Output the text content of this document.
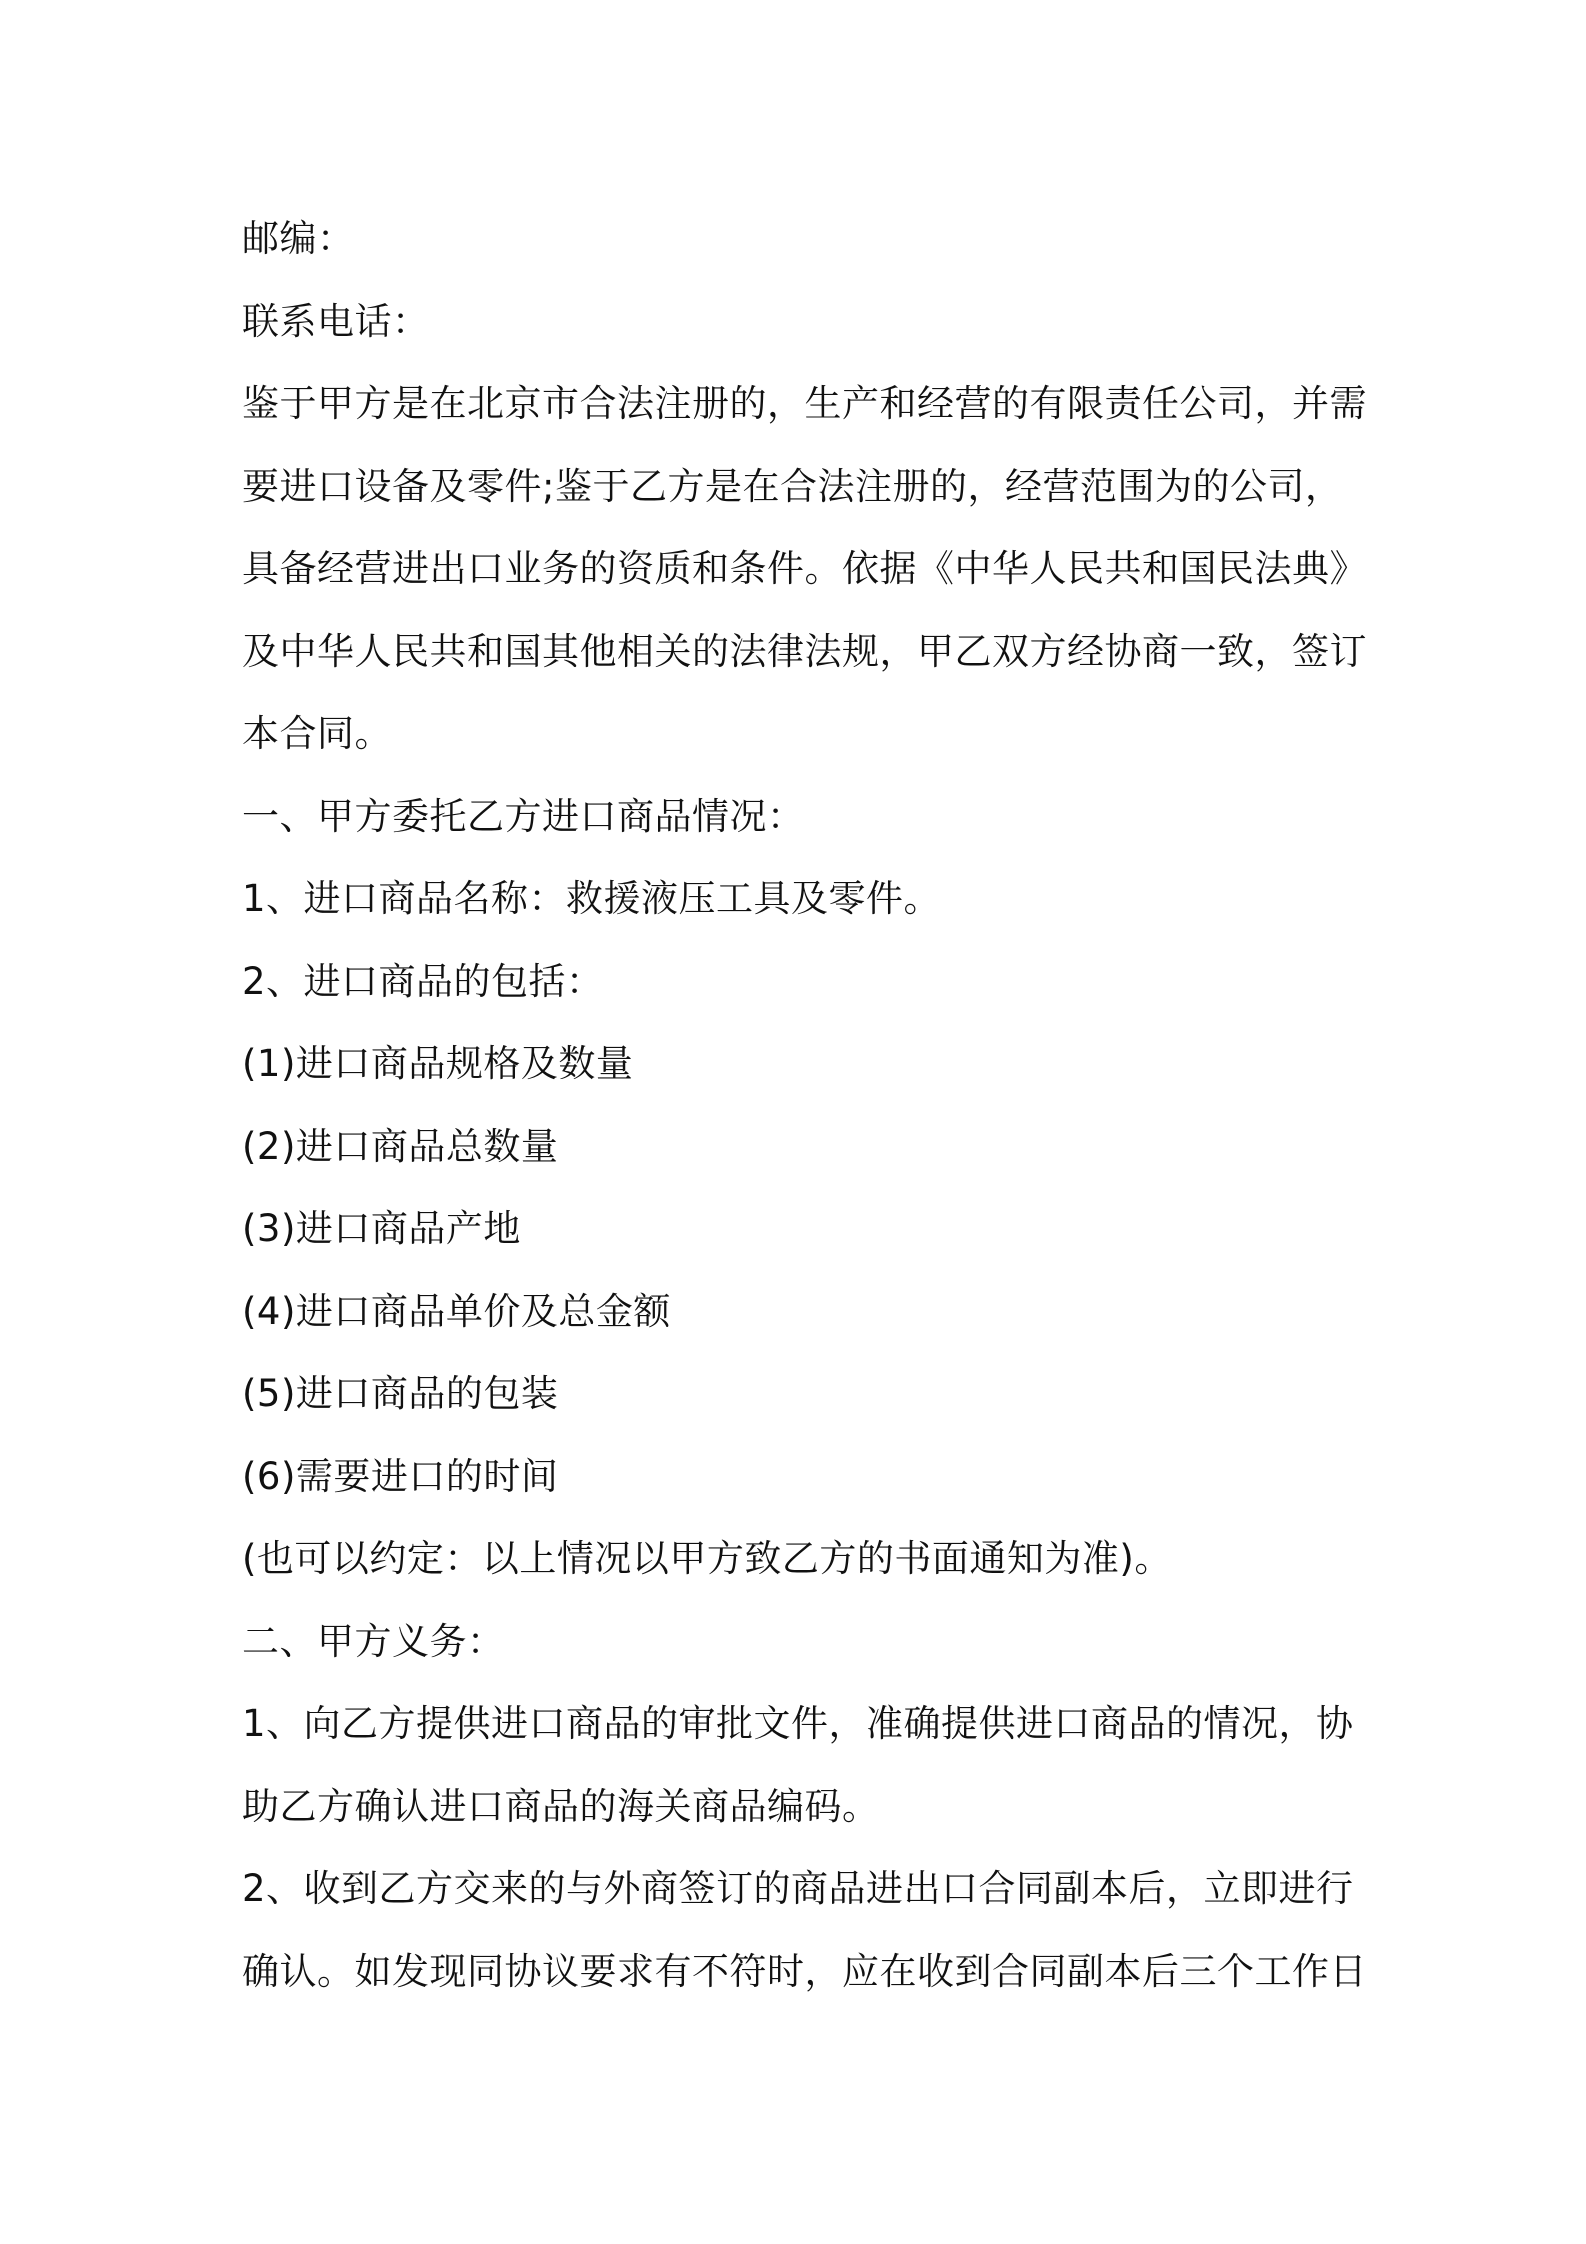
邮编：
联系电话：
鉴于甲方是在北京市合法注册的，生产和经营的有限责任公司，并需
要进口设备及零件;鉴于乙方是在合法注册的，经营范围为的公司，
具备经营进出口业务的资质和条件。依据《中华人民共和国民法典》
及中华人民共和国其他相关的法律法规，甲乙双方经协商一致，签订
本合同。
一、甲方委托乙方进口商品情况：
1、进口商品名称：救援液压工具及零件。
2、进口商品的包括：
(1)进口商品规格及数量
(2)进口商品总数量
(3)进口商品产地
(4)进口商品单价及总金额
(5)进口商品的包装
(6)需要进口的时间
(也可以约定：以上情况以甲方致乙方的书面通知为准)。
二、甲方义务：
1、向乙方提供进口商品的审批文件，准确提供进口商品的情况，协
助乙方确认进口商品的海关商品编码。
2、收到乙方交来的与外商签订的商品进出口合同副本后，立即进行
确认。如发现同协议要求有不符时，应在收到合同副本后三个工作日
